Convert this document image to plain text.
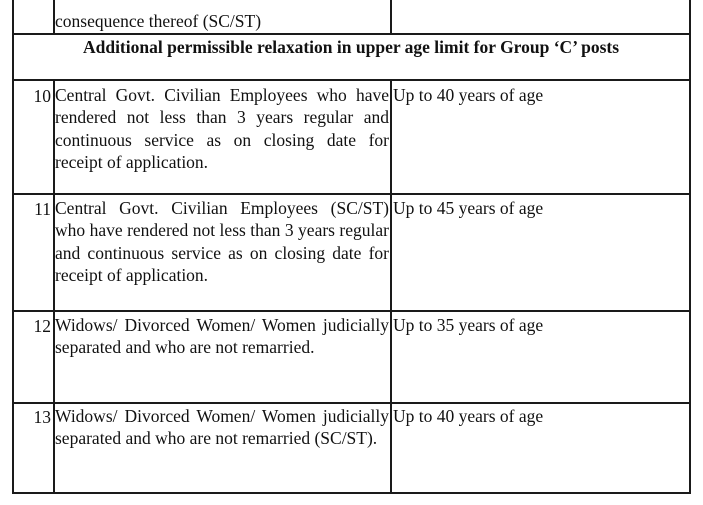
consequence thereof (SC/ST)

Additional permissible relaxation in upper age limit for Group ‘C’ posts
10 Central Govt. Civilian Employees who have rendered not less than 3 years regular and continuous service as on closing date for receipt of application.

Up to 40 years of age

11 Central Govt. Civilian Employees (SC/ST) who have rendered not less than 3 years regular and continuous service as on closing date for receipt of application.

Up to 45 years of age

12 Widows/ Divorced Women/ Women judicially separated and who are not remarried.

Up to 35 years of age

13 Widows/ Divorced Women/ Women judicially separated and who are not remarried (SC/ST).

Up to 40 years of age
